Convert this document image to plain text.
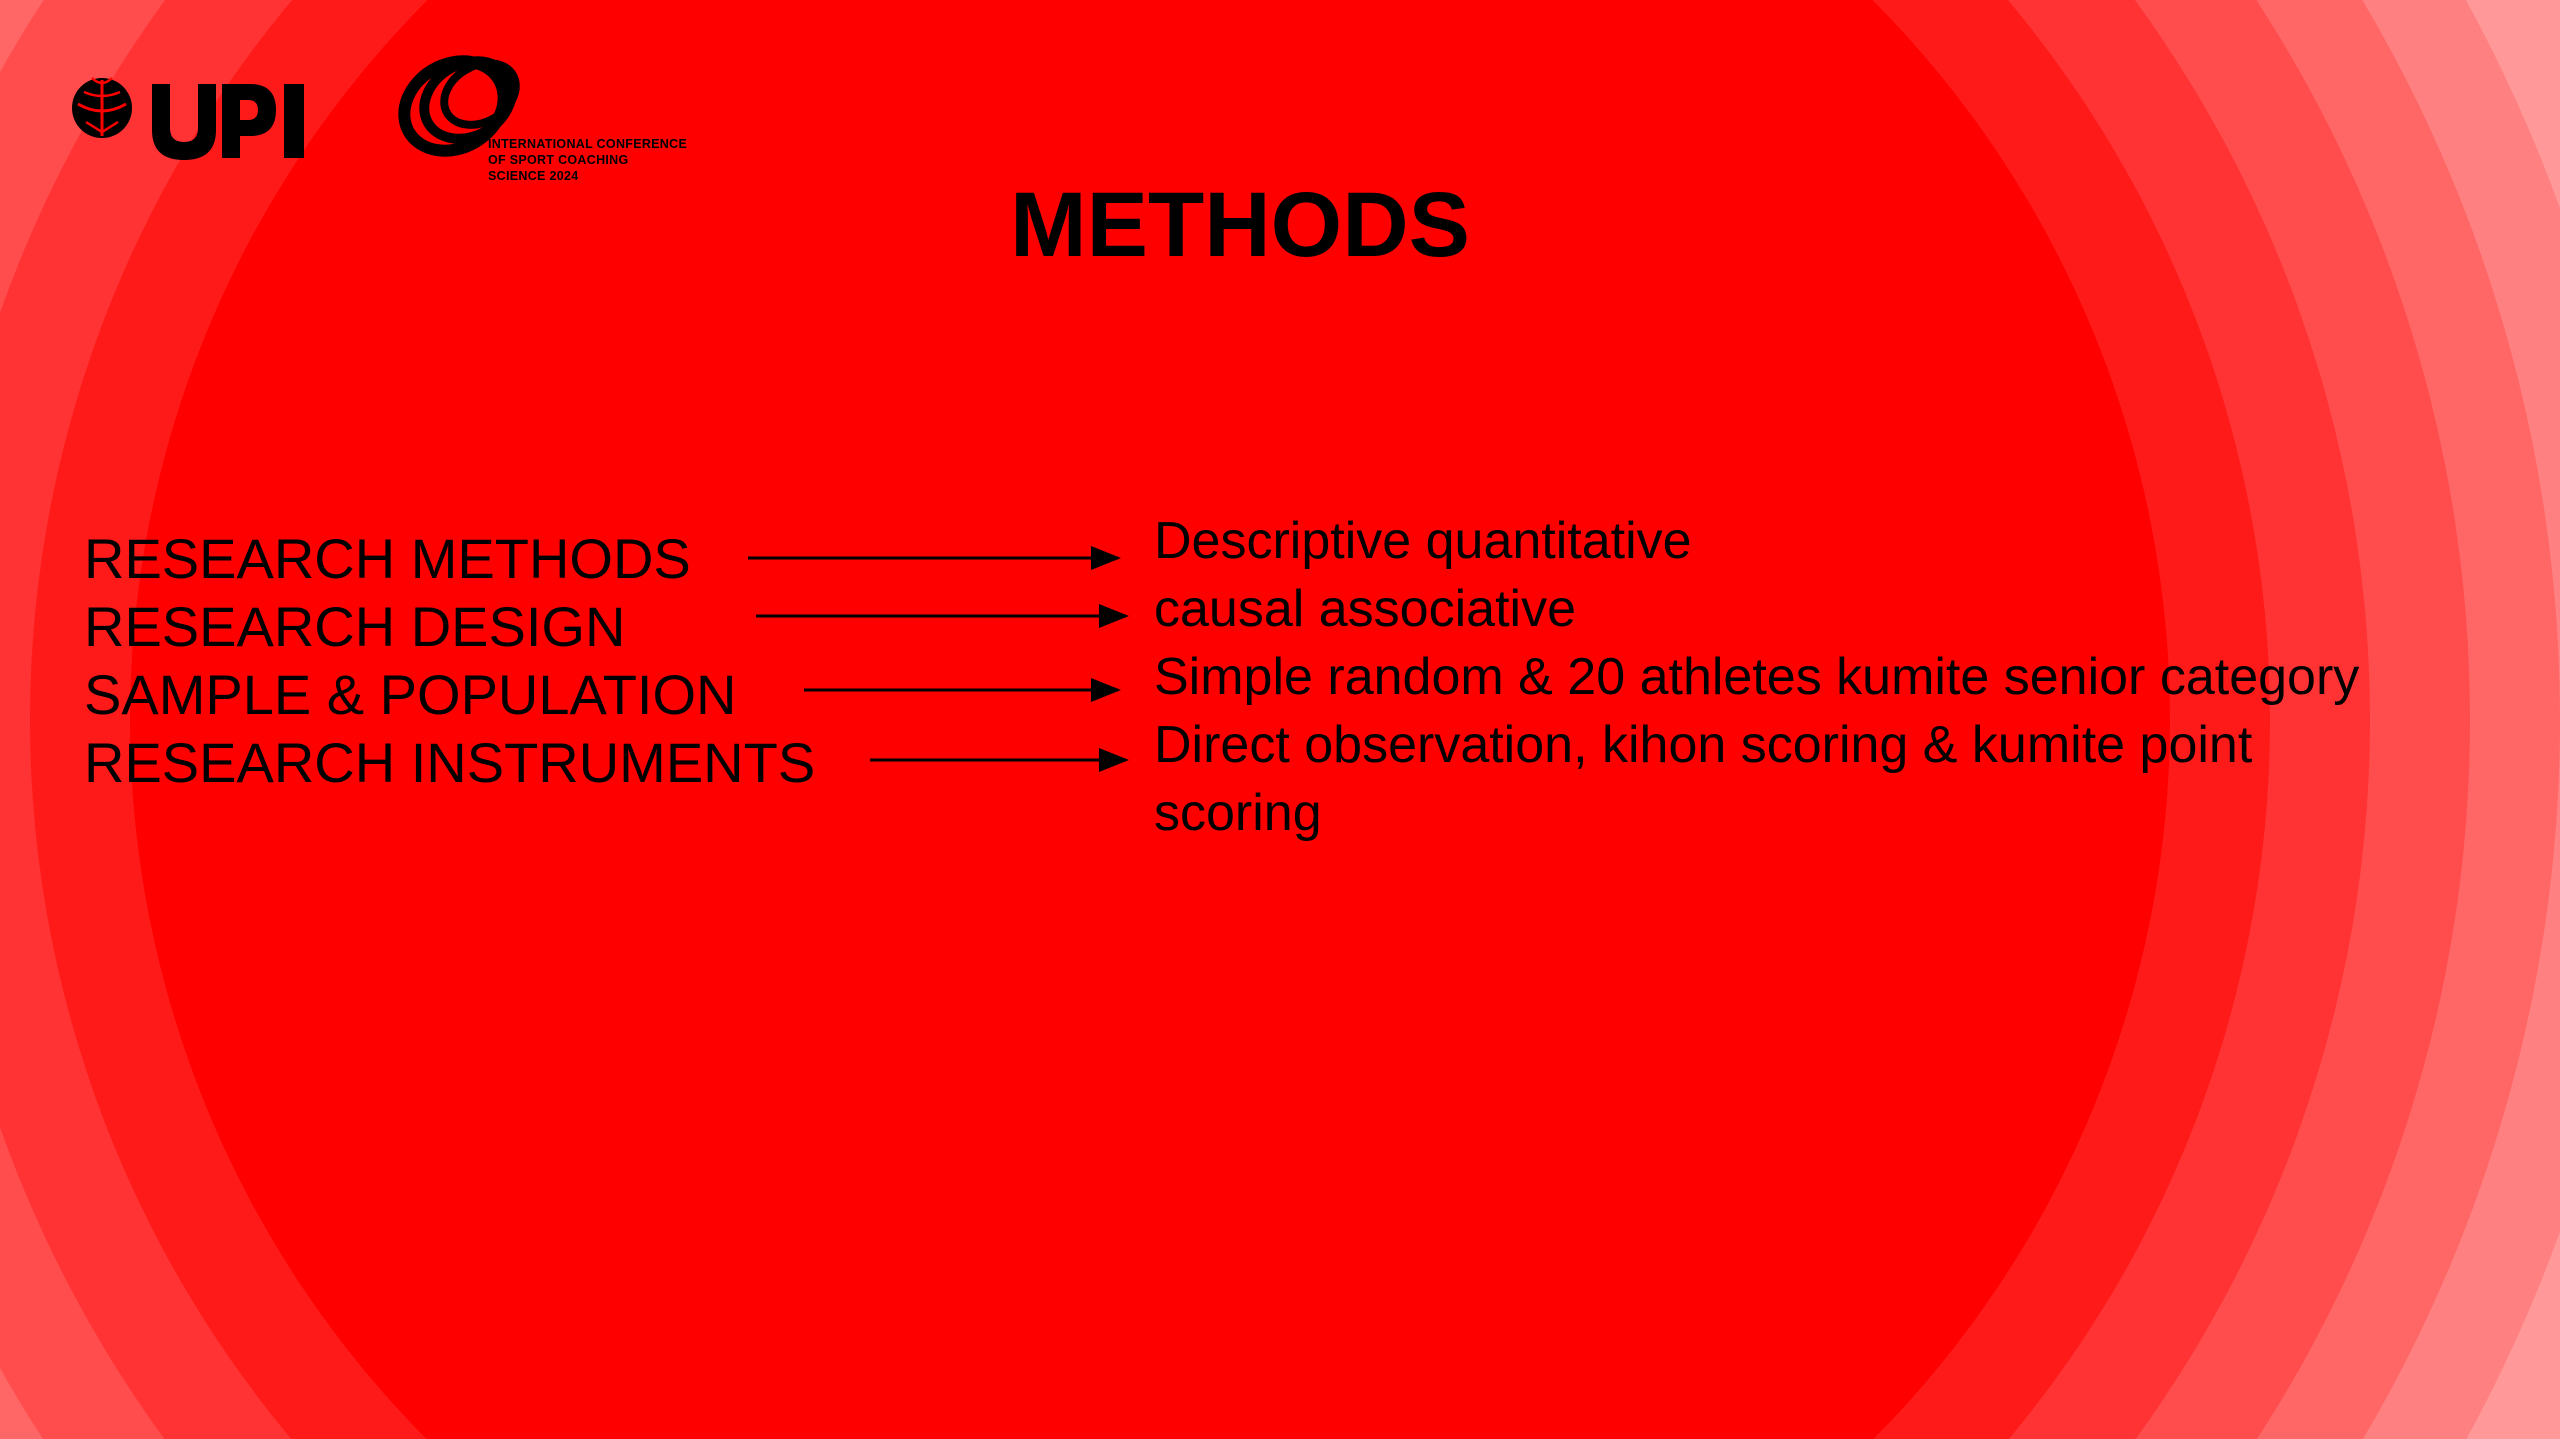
INTERNATIONAL CONFERENCE
OF SPORT COACHING
SCIENCE 2024	METHODS
RESEARCH METHODS
RESEARCH DESIGN
SAMPLE & POPULATION
RESEARCH INSTRUMENTS
Descriptive quantitative
causal associative
Simple random & 20 athletes kumite senior category
Direct observation, kihon scoring & kumite point
scoring
